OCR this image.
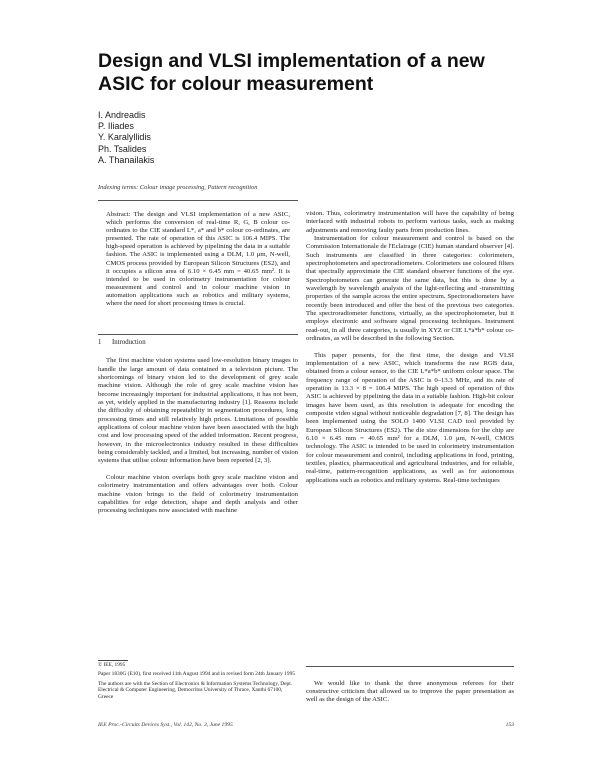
Design and VLSI implementation of a new ASIC for colour measurement
I. Andreadis
P. Iliades
Y. Karalyllidis
Ph. Tsalides
A. Thanailakis
Indexing terms: Colour image processing, Pattern recognition

Abstract: The design and VLSI implementation of a new ASIC, which performs the conversion of real-time R, G, B colour co-ordinates to the CIE standard L*, a* and b* colour co-ordinates, are presented. The rate of operation of this ASIC is 106.4 MIPS. The high-speed operation is achieved by pipelining the data in a suitable fashion. The ASIC is implemented using a DLM, 1.0 μm, N-well, CMOS process provided by European Silicon Structures (ES2), and it occupies a silicon area of 6.10 × 6.45 mm = 40.65 mm². It is intended to be used in colorimetry instrumentation for colour measurement and control and in colour machine vision in automation applications such as robotics and military systems, where the need for short processing times is crucial.

1 Introduction

The first machine vision systems used low-resolution binary images to handle the large amount of data contained in a television picture. The shortcomings of binary vision led to the development of grey scale machine vision. Although the role of grey scale machine vision has become increasingly important for industrial applications, it has not been, as yet, widely applied in the manufacturing industry [1]. Reasons include the difficulty of obtaining repeatability in segmentation procedures, long processing times and still relatively high prices. Limitations of possible applications of colour machine vision have been associated with the high cost and low processing speed of the added information. Recent progress, however, in the microelectronics industry resulted in these difficulties being considerably tackled, and a limited, but increasing, number of vision systems that utilise colour information have been reported [2, 3].

Colour machine vision overlaps both grey scale machine vision and colorimetry instrumentation and offers advantages over both. Colour machine vision brings to the field of colorimetry instrumentation capabilities for edge detection, shape and depth analysis and other processing techniques now associated with machine

vision. Thus, colorimetry instrumentation will have the capability of being interfaced with industrial robots to perform various tasks, such as making adjustments and removing faulty parts from production lines.

Instrumentation for colour measurement and control is based on the Commission Internationale de l'Eclairage (CIE) human standard observer [4]. Such instruments are classified in three categories: colorimeters, spectrophotometers and spectroradiometers. Colorimeters use coloured filters that spectrally approximate the CIE standard observer functions of the eye. Spectrophotometers can generate the same data, but this is done by a wavelength by wavelength analysis of the light-reflecting and -transmitting properties of the sample across the entire spectrum. Spectroradiometers have recently been introduced and offer the best of the previous two categories. The spectroradiometer functions, virtually, as the spectrophotometer, but it employs electronic and software signal processing techniques. Instrument read-out, in all three categories, is usually in XYZ or CIE L*a*b* colour co-ordinates, as will be described in the following Section.

This paper presents, for the first time, the design and VLSI implementation of a new ASIC, which transforms the raw RGB data, obtained from a colour sensor, to the CIE L*a*b* uniform colour space. The frequency range of operation of the ASIC is 0–13.3 MHz, and its rate of operation is 13.3 × 8 = 106.4 MIPS. The high speed of operation of this ASIC is achieved by pipelining the data in a suitable fashion. High-bit colour images have been used, as this resolution is adequate for encoding the composite video signal without noticeable degradation [7, 8]. The design has been implemented using the SOLO 1400 VLSI CAD tool provided by European Silicon Structures (ES2). The die size dimensions for the chip are 6.10 × 6.45 mm = 40.65 mm² for a DLM, 1.0 μm, N-well, CMOS technology. The ASIC is intended to be used in colorimetry instrumentation for colour measurement and control, including applications in food, printing, textiles, plastics, pharmaceutical and agricultural industries, and for reliable, real-time, pattern-recognition applications, as well as for autonomous applications such as robotics and military systems. Real-time techniques

© IEE, 1995
Paper 1830G (E10), first received 11th August 1994 and in revised form 24th January 1995
The authors are with the Section of Electronics & Information Systems Technology, Dept. Electrical & Computer Engineering, Democritus University of Thrace, Xanthi 67100, Greece

We would like to thank the three anonymous referees for their constructive criticism that allowed us to improve the paper presentation as well as the design of the ASIC.

IEE Proc.-Circuits Devices Syst., Vol. 142, No. 3, June 1995	153
